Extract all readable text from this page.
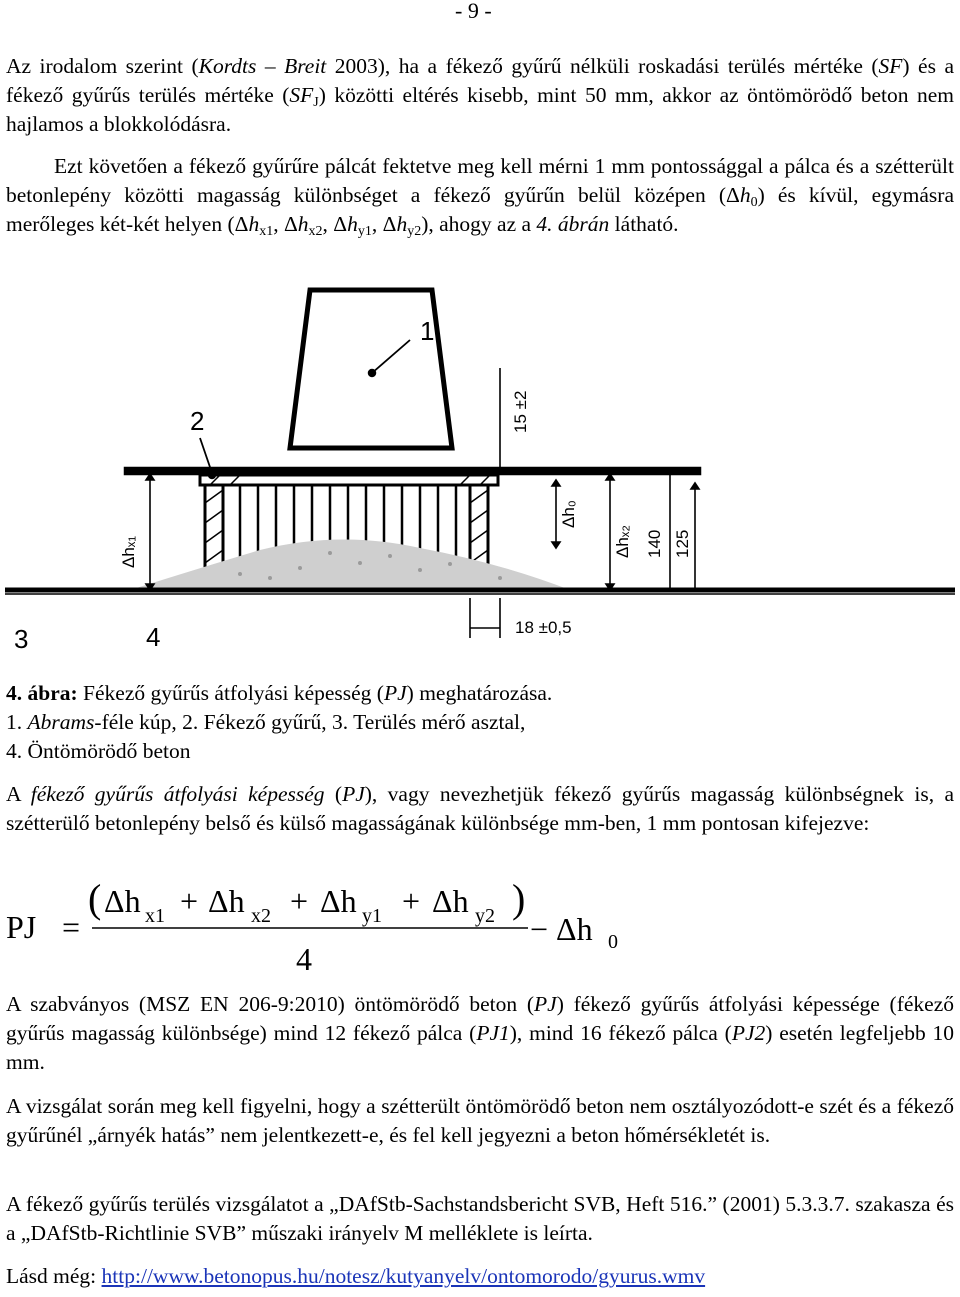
- 9 -

Az irodalom szerint (Kordts – Breit 2003), ha a fékező gyűrű nélküli roskadási terülés mértéke (SF) és a fékező gyűrűs terülés mértéke $(SF_J)$ közötti eltérés kisebb, mint 50 mm, akkor az öntömörödő beton nem hajlamos a blokkolódásra.

Ezt követően a fékező gyűrűre pálcát fektetve meg kell mérni 1 mm pontossággal a pálca és a szétterült betonlepény közötti magasság különbséget a fékező gyűrűn belül középen $(\Delta h_0)$ és kívül, egymásra merőleges két-két helyen ($\Delta h_{x1}$, $\Delta h_{x2}$, $\Delta h_{y1}$, $\Delta h_{y2}$), ahogy az a 4. ábrán látható.

1
2
3	4	18 ±0,5
15 ±2
140 125
Δh₀
Δhₓ₂
Δhₓ₁

4. ábra: Fékező gyűrűs átfolyási képesség (PJ) meghatározása.
1. Abrams-féle kúp, 2. Fékező gyűrű, 3. Terülés mérő asztal,
4. Öntömörödő beton

A fékező gyűrűs átfolyási képesség (PJ), vagy nevezhetjük fékező gyűrűs magasság különbségnek is, a szétterülő betonlepény belső és külső magasságának különbsége mm-ben, 1 mm pontosan kifejezve:

PJ =
( Δh x1 + Δh x2 + Δh y1 + Δh y2 )
4
− Δh 0

A szabványos (MSZ EN 206-9:2010) öntömörödő beton (PJ) fékező gyűrűs átfolyási képessége (fékező gyűrűs magasság különbsége) mind 12 fékező pálca (PJ1), mind 16 fékező pálca (PJ2) esetén legfeljebb 10 mm.

A vizsgálat során meg kell figyelni, hogy a szétterült öntömörödő beton nem osztályozódott-e szét és a fékező gyűrűnél „árnyék hatás” nem jelentkezett-e, és fel kell jegyezni a beton hőmérsékletét is.

A fékező gyűrűs terülés vizsgálatot a „DAfStb-Sachstandsbericht SVB, Heft 516.” (2001) 5.3.3.7. szakasza és a „DAfStb-Richtlinie SVB” műszaki irányelv M melléklete is leírta.

Lásd még: http://www.betonopus.hu/notesz/kutyanyelv/ontomorodo/gyurus.wmv
